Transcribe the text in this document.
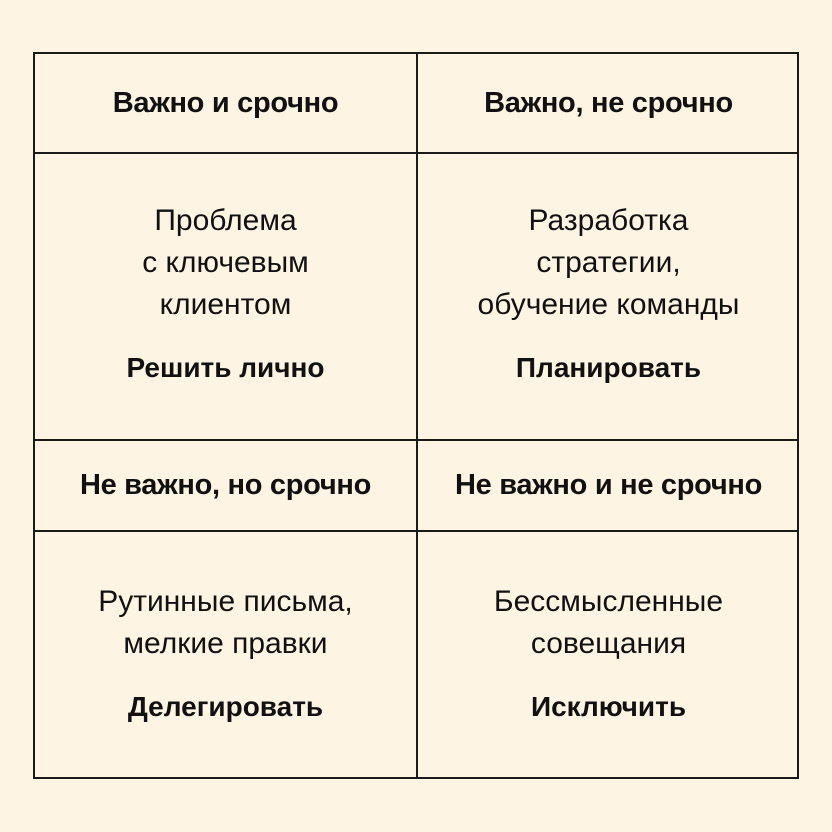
Важно и срочно
Проблема
с ключевым
клиентом
Решить лично
Важно, не срочно
Разработка
стратегии,
обучение команды
Планировать
Не важно, но срочно
Рутинные письма,
мелкие правки
Делегировать
Не важно и не срочно
Бессмысленные
совещания
Исключить
